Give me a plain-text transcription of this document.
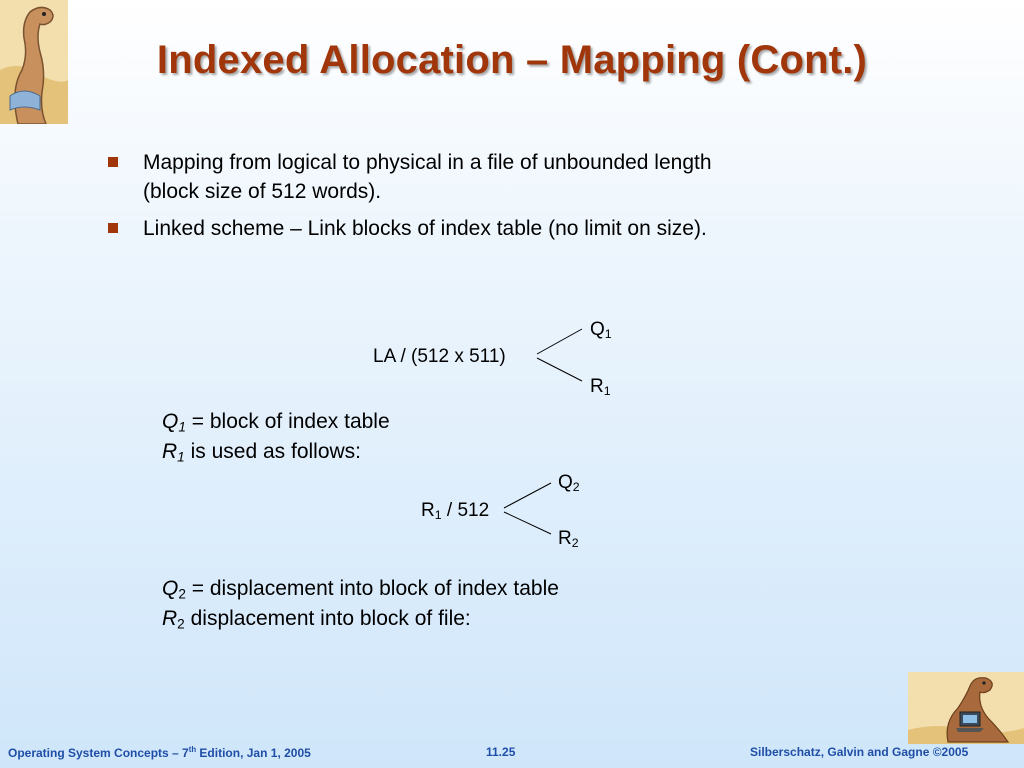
Indexed Allocation – Mapping (Cont.)
Mapping from logical to physical in a file of unbounded length
(block size of 512 words).
Linked scheme – Link blocks of index table (no limit on size).
LA / (512 x 511)
$Q_1$
$R_1$
$Q_1$ = block of index table
$R_1$ is used as follows:
$R_1 / 512$
$Q_2$
$R_2$
$Q_2$ = displacement into block of index table
$R_2$ displacement into block of file:
Operating System Concepts – 7th Edition, Jan 1, 2005	11.25	Silberschatz, Galvin and Gagne ©2005
